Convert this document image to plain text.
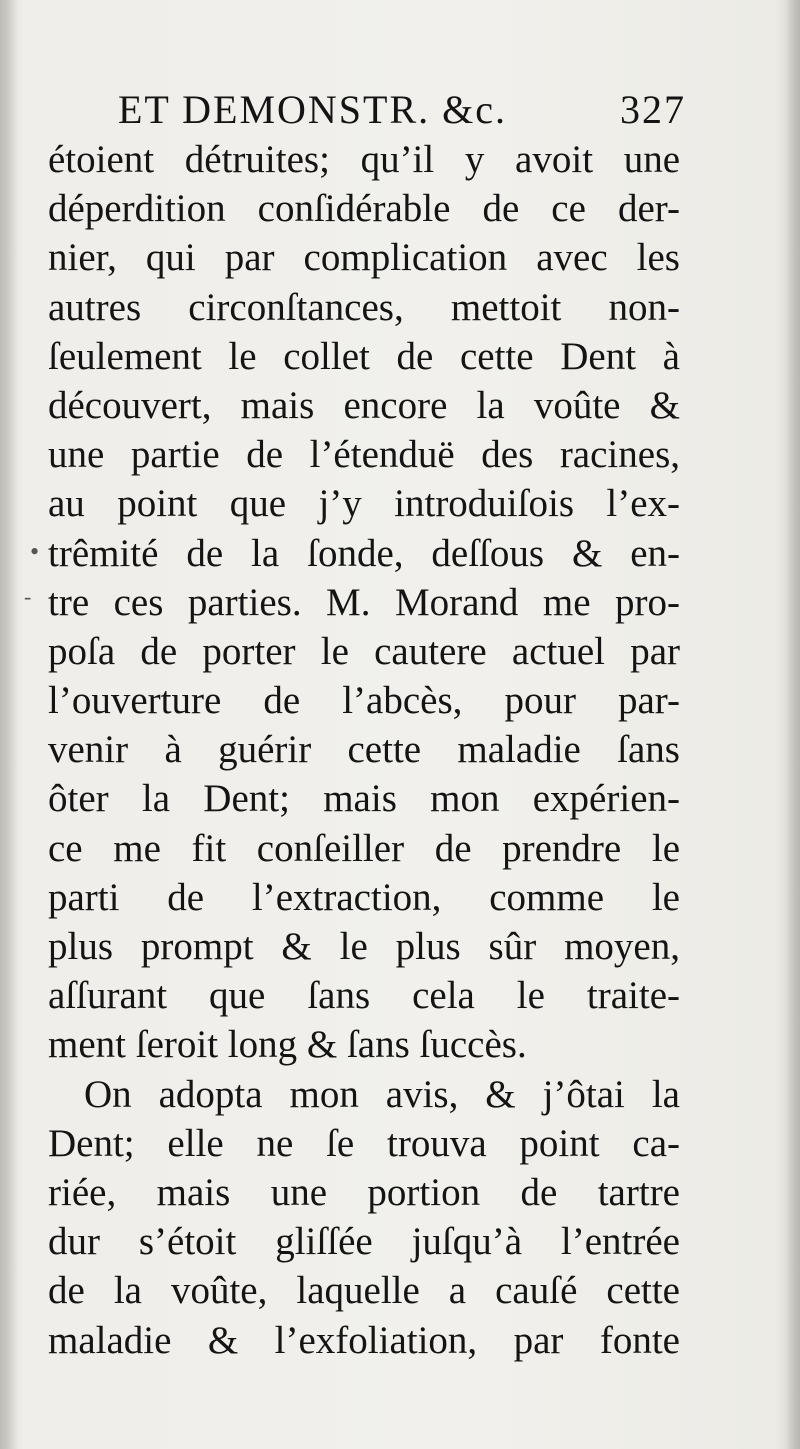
ET DEMONSTR. &c.	327
•
-
étoient détruites; qu’il y avoit une
déperdition conſidérable de ce der-
nier, qui par complication avec les
autres circonſtances, mettoit non-
ſeulement le collet de cette Dent à
découvert, mais encore la voûte &
une partie de l’étenduë des racines,
au point que j’y introduiſois l’ex-
trêmité de la ſonde, deſſous & en-
tre ces parties. M. Morand me pro-
poſa de porter le cautere actuel par
l’ouverture de l’abcès, pour par-
venir à guérir cette maladie ſans
ôter la Dent; mais mon expérien-
ce me fit conſeiller de prendre le
parti de l’extraction, comme le
plus prompt & le plus sûr moyen,
aſſurant que ſans cela le traite-
ment ſeroit long & ſans ſuccès.
On adopta mon avis, & j’ôtai la
Dent; elle ne ſe trouva point ca-
riée, mais une portion de tartre
dur s’étoit gliſſée juſqu’à l’entrée
de la voûte, laquelle a cauſé cette
maladie & l’exfoliation, par fonte
